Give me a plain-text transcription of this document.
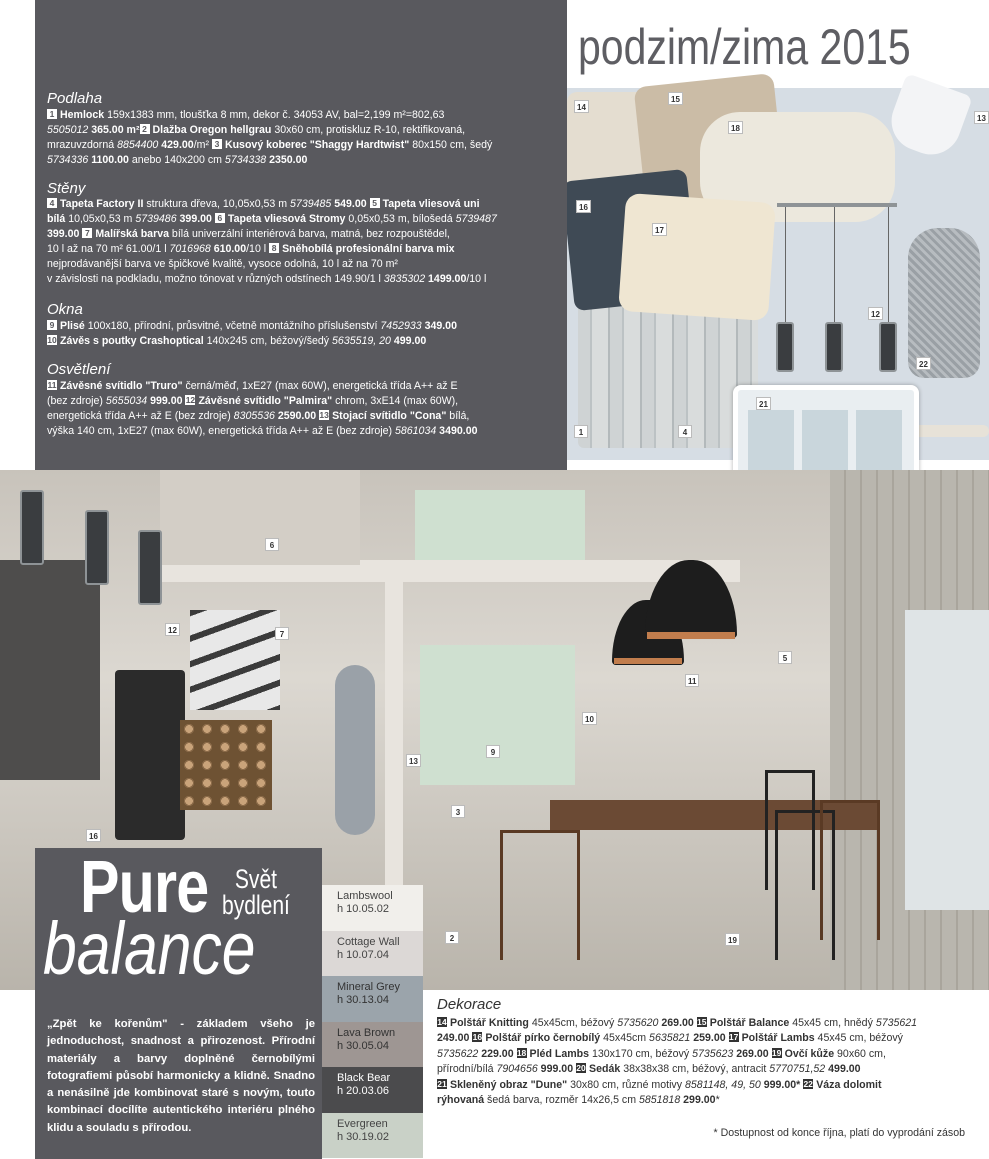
podzim/zima 2015
14
15
18
13
16
17
12
22
1	4
21
Podlaha
1 Hemlock 159x1383 mm, tloušťka 8 mm, dekor č. 34053 AV, bal=2,199 m²=802,63
5505012 365.00 m² 2 Dlažba Oregon hellgrau 30x60 cm, protiskluz R-10, rektifikovaná,
mrazuvzdorná 8854400 429.00/m² 3 Kusový koberec "Shaggy Hardtwist" 80x150 cm, šedý
5734336 1100.00 anebo 140x200 cm 5734338 2350.00
Stěny
4 Tapeta Factory II struktura dřeva, 10,05x0,53 m 5739485 549.00 5 Tapeta vliesová uni
bílá 10,05x0,53 m 5739486 399.00 6 Tapeta vliesová Stromy 0,05x0,53 m, bílošedá 5739487
399.00 7 Malířská barva bílá univerzální interiérová barva, matná, bez rozpouštědel,
10 l až na 70 m² 61.00/1 l 7016968 610.00/10 l 8 Sněhobílá profesionální barva mix
nejprodávanější barva ve špičkové kvalitě, vysoce odolná, 10 l až na 70 m²
v závislosti na podkladu, možno tónovat v různých odstínech 149.90/1 l 3835302 1499.00/10 l
Okna
9 Plisé 100x180, přírodní, průsvitné, včetně montážního příslušenství 7452933 349.00
10 Závěs s poutky Crashoptical 140x245 cm, béžový/šedý 5635519, 20 499.00
Osvětlení
11 Závěsné svítidlo "Truro" černá/měď, 1xE27 (max 60W), energetická třída A++ až E
(bez zdroje) 5655034 999.00 12 Závěsné svítidlo "Palmira" chrom, 3xE14 (max 60W),
energetická třída A++ až E (bez zdroje) 8305536 2590.00 13 Stojací svítidlo "Cona" bílá,
výška 140 cm, 1xE27 (max 60W), energetická třída A++ až E (bez zdroje) 5861034 3490.00
6
12	7
5
11
10
9
13
3
16
2	19
Pure Svět
bydlení
balance
„Zpět ke kořenům" - základem všeho je jednoduchost, snadnost a přirozenost. Přírodní materiály a barvy doplněné černobílými fotografiemi působí harmonicky a klidně. Snadno a nenásilně jde kombinovat staré s novým, touto kombinací docílíte autentického interiéru plného klidu a souladu s přírodou.
Lambswool
h 10.05.02
Cottage Wall
h 10.07.04
Mineral Grey
h 30.13.04
Lava Brown
h 30.05.04
Black Bear
h 20.03.06
Evergreen
h 30.19.02
Dekorace
14 Polštář Knitting 45x45cm, béžový 5735620 269.00 15 Polštář Balance 45x45 cm, hnědý 5735621
249.00 16 Polštář pírko černobílý 45x45cm 5635821 259.00 17 Polštář Lambs 45x45 cm, béžový
5735622 229.00 18 Pléd Lambs 130x170 cm, béžový 5735623 269.00 19 Ovčí kůže 90x60 cm,
přírodní/bílá 7904656 999.00 20 Sedák 38x38x38 cm, béžový, antracit 5770751,52 499.00
21 Skleněný obraz "Dune" 30x80 cm, různé motivy 8581148, 49, 50 999.00* 22 Váza dolomit
rýhovaná šedá barva, rozměr 14x26,5 cm 5851818 299.00*
* Dostupnost od konce října, platí do vyprodání zásob
